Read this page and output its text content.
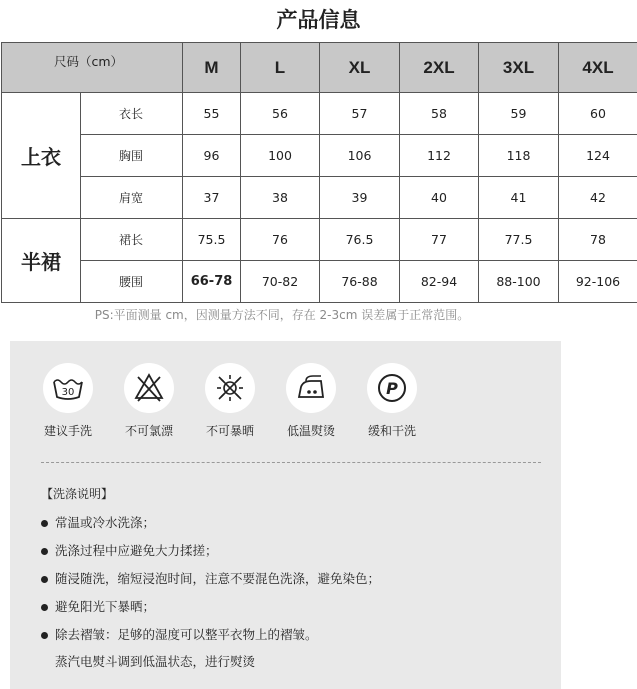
产品信息
尺码（cm）		M	L	XL	2XL	3XL	4XL
上衣	衣长	55	56	57	58	59	60
	胸围	96	100	106	112	118	124
	肩宽	37	38	39	40	41	42
半裙	裙长	75.5	76	76.5	77	77.5	78
	腰围	66-78	70-82	76-88	82-94	88-100	92-106
PS:平面测量 cm，因测量方法不同，存在 2-3cm 误差属于正常范围。
30
建议手洗	不可氯漂	不可暴晒	低温熨烫
P
缓和干洗
【洗涤说明】
常温或冷水洗涤；
洗涤过程中应避免大力揉搓；
随浸随洗，缩短浸泡时间，注意不要混色洗涤，避免染色；
避免阳光下暴晒；
除去褶皱：足够的湿度可以整平衣物上的褶皱。
蒸汽电熨斗调到低温状态，进行熨烫
